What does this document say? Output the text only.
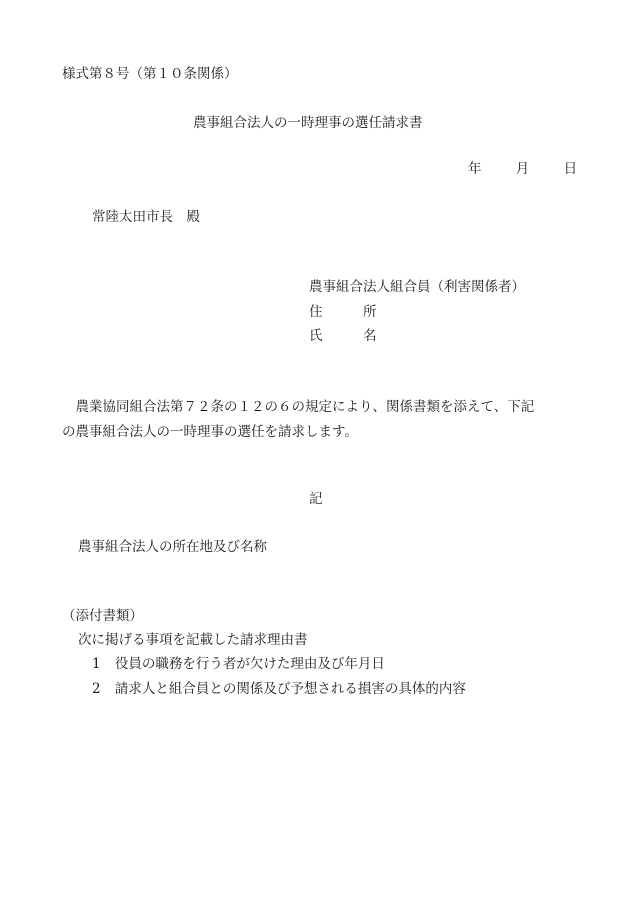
様式第８号（第１０条関係）
農事組合法人の一時理事の選任請求書
年	月	日
常陸太田市長　殿
農事組合法人組合員（利害関係者）
住　　　所
氏　　　名
　農業協同組合法第７２条の１２の６の規定により、関係書類を添えて、下記
の農事組合法人の一時理事の選任を請求します。
記
農事組合法人の所在地及び名称
（添付書類）
次に掲げる事項を記載した請求理由書
1 役員の職務を行う者が欠けた理由及び年月日
2 請求人と組合員との関係及び予想される損害の具体的内容
